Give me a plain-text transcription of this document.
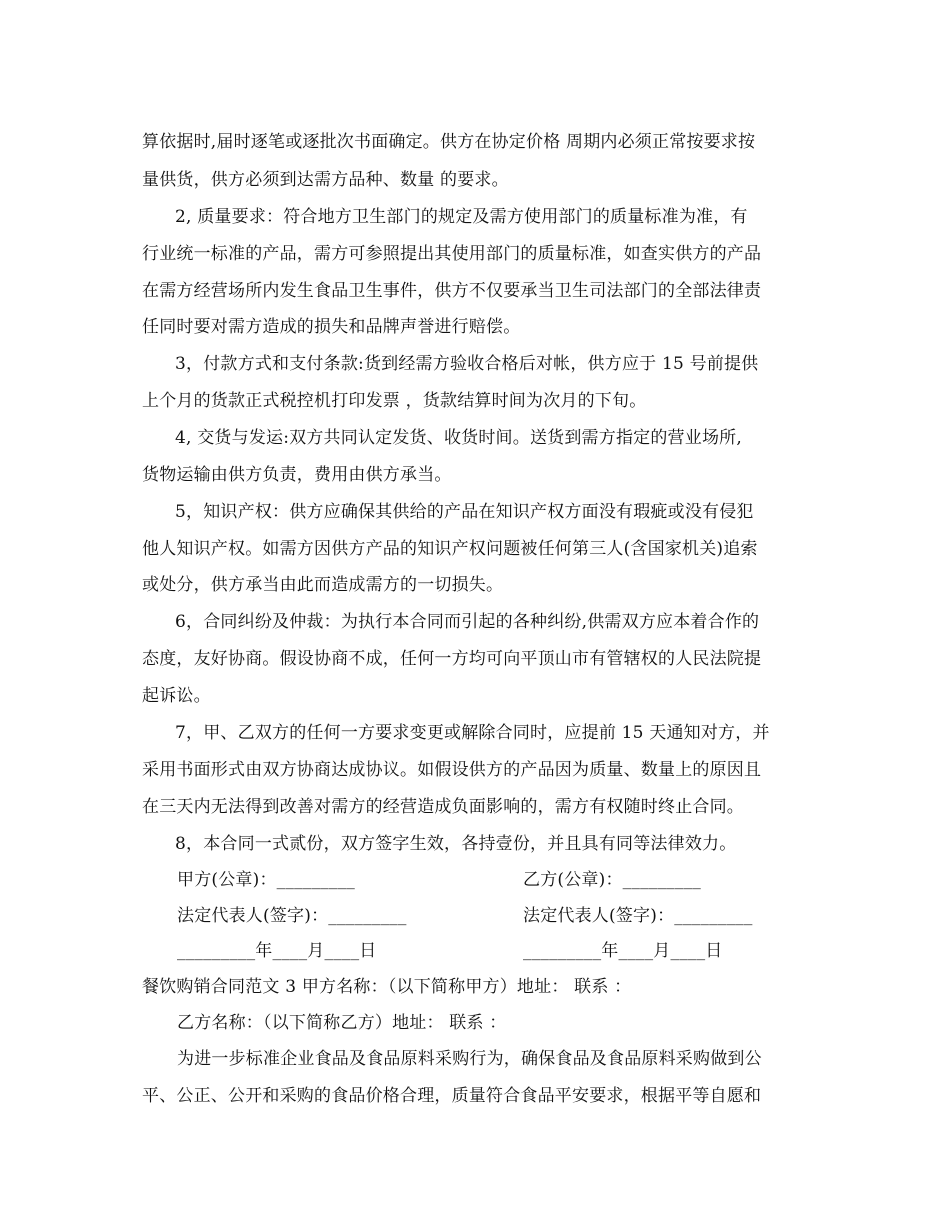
算依据时,届时逐笔或逐批次书面确定。供方在协定价格 周期内必须正常按要求按
量供货，供方必须到达需方品种、数量 的要求。
2, 质量要求：符合地方卫生部门的规定及需方使用部门的质量标准为准，有
行业统一标准的产品，需方可参照提出其使用部门的质量标准，如查实供方的产品
在需方经营场所内发生食品卫生事件，供方不仅要承当卫生司法部门的全部法律责
任同时要对需方造成的损失和品牌声誉进行赔偿。
3，付款方式和支付条款:货到经需方验收合格后对帐，供方应于 15 号前提供
上个月的货款正式税控机打印发票 ，货款结算时间为次月的下旬。
4, 交货与发运:双方共同认定发货、收货时间。送货到需方指定的营业场所,
货物运输由供方负责，费用由供方承当。
5，知识产权：供方应确保其供给的产品在知识产权方面没有瑕疵或没有侵犯
他人知识产权。如需方因供方产品的知识产权问题被任何第三人(含国家机关)追索
或处分，供方承当由此而造成需方的一切损失。
6，合同纠纷及仲裁：为执行本合同而引起的各种纠纷,供需双方应本着合作的
态度，友好协商。假设协商不成，任何一方均可向平顶山市有管辖权的人民法院提
起诉讼。
7，甲、乙双方的任何一方要求变更或解除合同时，应提前 15 天通知对方，并
采用书面形式由双方协商达成协议。如假设供方的产品因为质量、数量上的原因且
在三天内无法得到改善对需方的经营造成负面影响的，需方有权随时终止合同。
8，本合同一式贰份，双方签字生效，各持壹份，并且具有同等法律效力。
甲方(公章)：_________	乙方(公章)：_________
法定代表人(签字)：_________	法定代表人(签字)：_________
_________年____月____日	_________年____月____日
餐饮购销合同范文 3 甲方名称：（以下简称甲方）地址： 联系 ：
乙方名称：（以下简称乙方）地址： 联系 ：
为进一步标准企业食品及食品原料采购行为，确保食品及食品原料采购做到公
平、公正、公开和采购的食品价格合理，质量符合食品平安要求，根据平等自愿和
